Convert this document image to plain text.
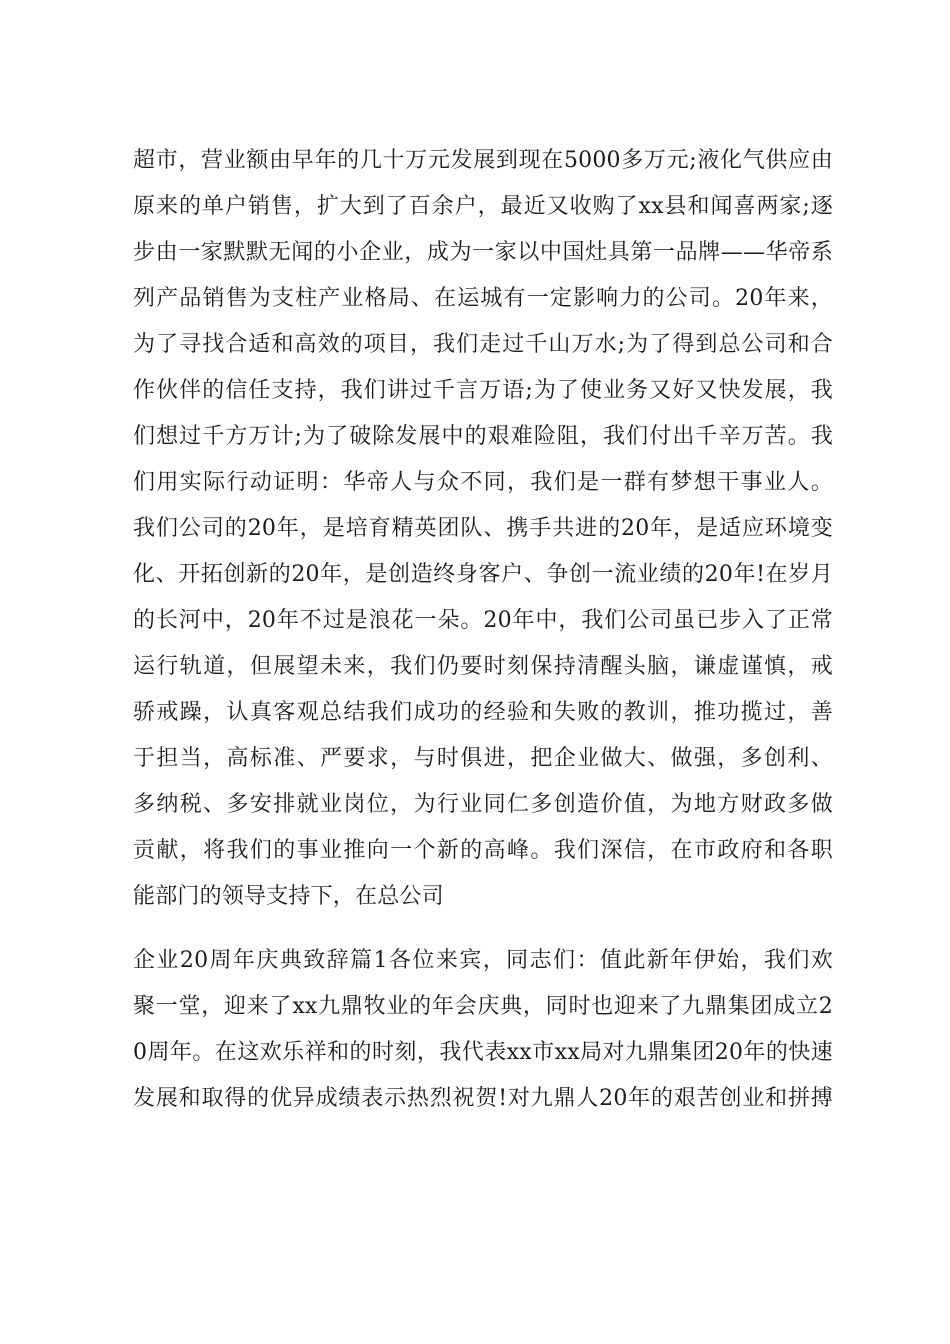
超市，营业额由早年的几十万元发展到现在5000多万元;液化气供应由
原来的单户销售，扩大到了百余户，最近又收购了xx县和闻喜两家;逐
步由一家默默无闻的小企业，成为一家以中国灶具第一品牌——华帝系
列产品销售为支柱产业格局、在运城有一定影响力的公司。20年来，
为了寻找合适和高效的项目，我们走过千山万水;为了得到总公司和合
作伙伴的信任支持，我们讲过千言万语;为了使业务又好又快发展，我
们想过千方万计;为了破除发展中的艰难险阻，我们付出千辛万苦。我
们用实际行动证明：华帝人与众不同，我们是一群有梦想干事业人。
我们公司的20年，是培育精英团队、携手共进的20年，是适应环境变
化、开拓创新的20年，是创造终身客户、争创一流业绩的20年!在岁月
的长河中，20年不过是浪花一朵。20年中，我们公司虽已步入了正常
运行轨道，但展望未来，我们仍要时刻保持清醒头脑，谦虚谨慎，戒
骄戒躁，认真客观总结我们成功的经验和失败的教训，推功揽过，善
于担当，高标准、严要求，与时俱进，把企业做大、做强，多创利、
多纳税、多安排就业岗位，为行业同仁多创造价值，为地方财政多做
贡献，将我们的事业推向一个新的高峰。我们深信，在市政府和各职
能部门的领导支持下，在总公司
企业20周年庆典致辞篇1各位来宾，同志们：值此新年伊始，我们欢
聚一堂，迎来了xx九鼎牧业的年会庆典，同时也迎来了九鼎集团成立2
0周年。在这欢乐祥和的时刻，我代表xx市xx局对九鼎集团20年的快速
发展和取得的优异成绩表示热烈祝贺!对九鼎人20年的艰苦创业和拼搏
